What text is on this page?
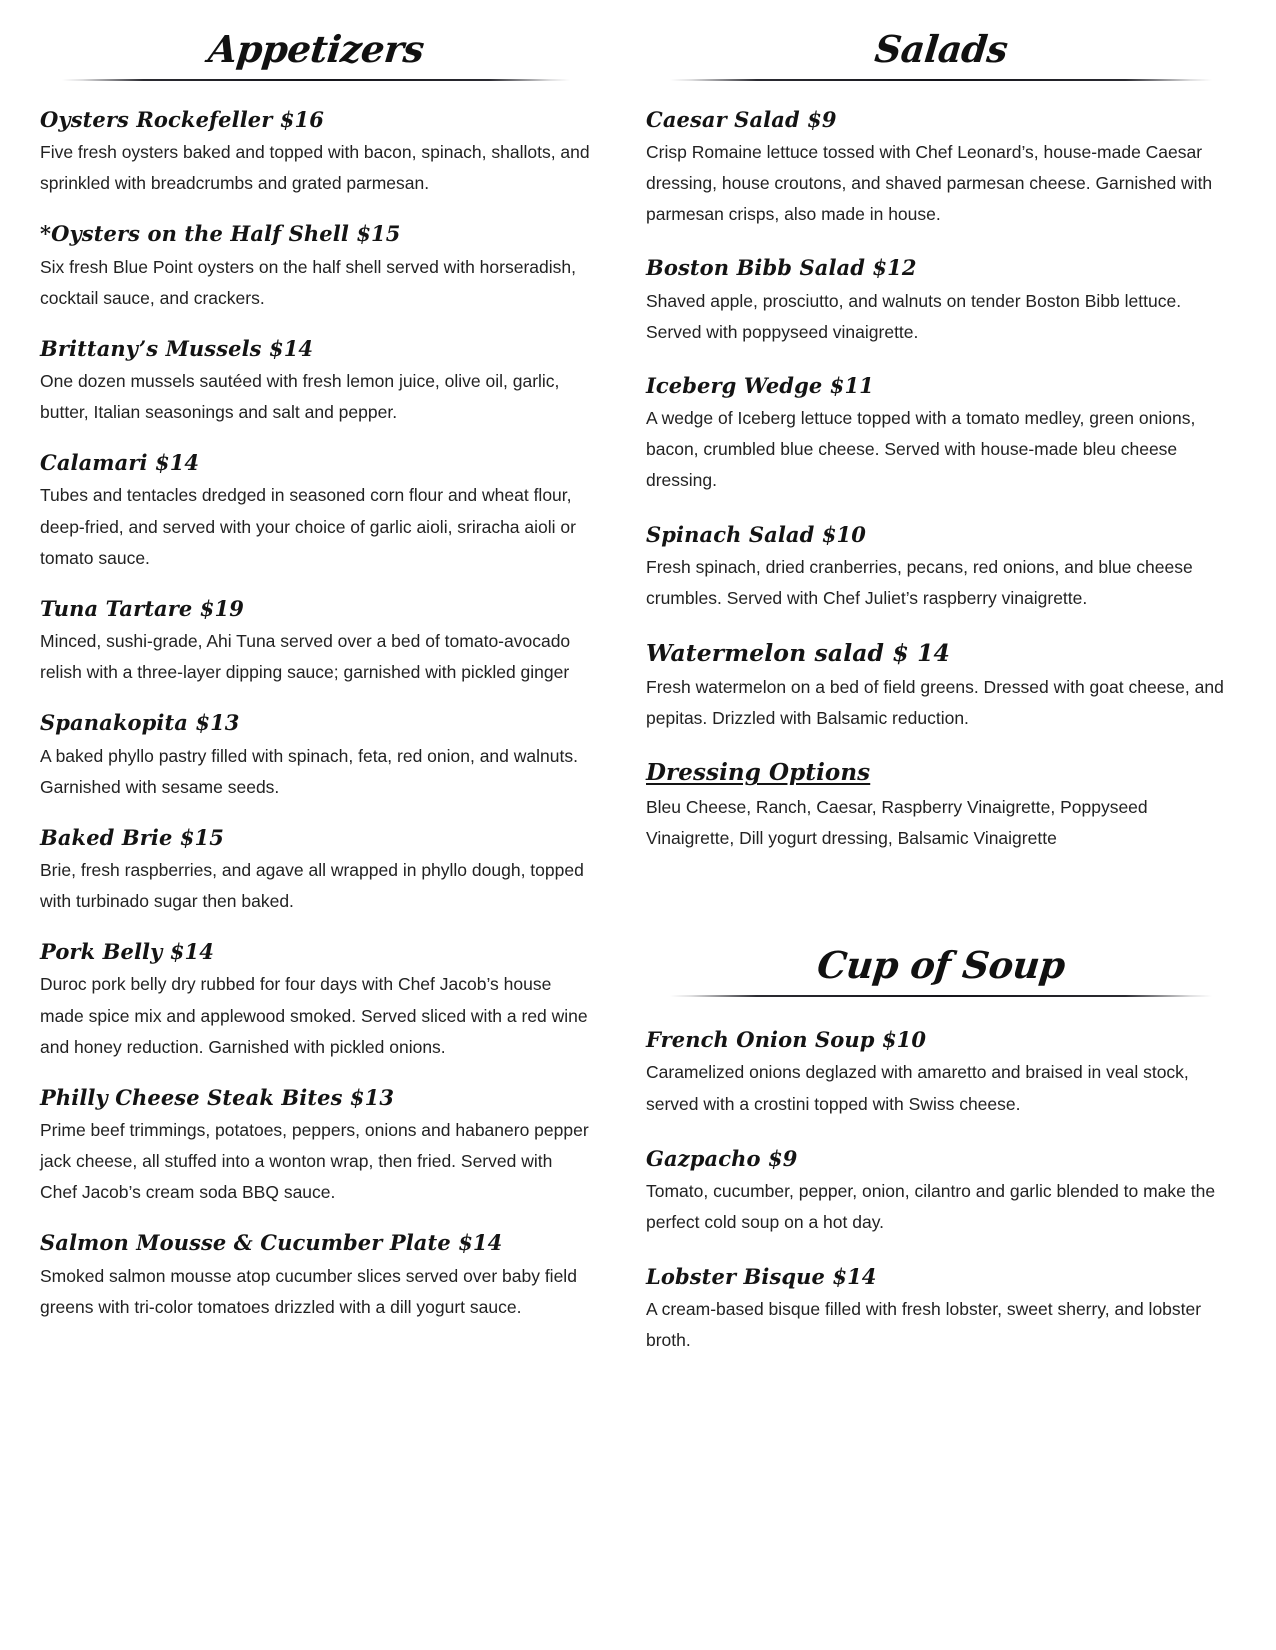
Appetizers
Oysters Rockefeller $16
Five fresh oysters baked and topped with bacon, spinach, shallots, and sprinkled with breadcrumbs and grated parmesan.
*Oysters on the Half Shell $15
Six fresh Blue Point oysters on the half shell served with horseradish, cocktail sauce, and crackers.
Brittany’s Mussels $14
One dozen mussels sautéed with fresh lemon juice, olive oil, garlic, butter, Italian seasonings and salt and pepper.
Calamari $14
Tubes and tentacles dredged in seasoned corn flour and wheat flour, deep-fried, and served with your choice of garlic aioli, sriracha aioli or tomato sauce.
Tuna Tartare $19
Minced, sushi-grade, Ahi Tuna served over a bed of tomato-avocado relish with a three-layer dipping sauce; garnished with pickled ginger
Spanakopita $13
A baked phyllo pastry filled with spinach, feta, red onion, and walnuts. Garnished with sesame seeds.
Baked Brie $15
Brie, fresh raspberries, and agave all wrapped in phyllo dough, topped with turbinado sugar then baked.
Pork Belly $14
Duroc pork belly dry rubbed for four days with Chef Jacob’s house made spice mix and applewood smoked. Served sliced with a red wine and honey reduction. Garnished with pickled onions.
Philly Cheese Steak Bites $13
Prime beef trimmings, potatoes, peppers, onions and habanero pepper jack cheese, all stuffed into a wonton wrap, then fried. Served with Chef Jacob’s cream soda BBQ sauce.
Salmon Mousse & Cucumber Plate $14
Smoked salmon mousse atop cucumber slices served over baby field greens with tri-color tomatoes drizzled with a dill yogurt sauce.
Salads
Caesar Salad $9
Crisp Romaine lettuce tossed with Chef Leonard’s, house-made Caesar dressing, house croutons, and shaved parmesan cheese. Garnished with parmesan crisps, also made in house.
Boston Bibb Salad $12
Shaved apple, prosciutto, and walnuts on tender Boston Bibb lettuce. Served with poppyseed vinaigrette.
Iceberg Wedge $11
A wedge of Iceberg lettuce topped with a tomato medley, green onions, bacon, crumbled blue cheese. Served with house-made bleu cheese dressing.
Spinach Salad $10
Fresh spinach, dried cranberries, pecans, red onions, and blue cheese crumbles. Served with Chef Juliet’s raspberry vinaigrette.
Watermelon salad $ 14
Fresh watermelon on a bed of field greens. Dressed with goat cheese, and pepitas. Drizzled with Balsamic reduction.
Dressing Options
Bleu Cheese, Ranch, Caesar, Raspberry Vinaigrette, Poppyseed Vinaigrette, Dill yogurt dressing, Balsamic Vinaigrette
Cup of Soup
French Onion Soup $10
Caramelized onions deglazed with amaretto and braised in veal stock, served with a crostini topped with Swiss cheese.
Gazpacho $9
Tomato, cucumber, pepper, onion, cilantro and garlic blended to make the perfect cold soup on a hot day.
Lobster Bisque $14
A cream-based bisque filled with fresh lobster, sweet sherry, and lobster broth.
